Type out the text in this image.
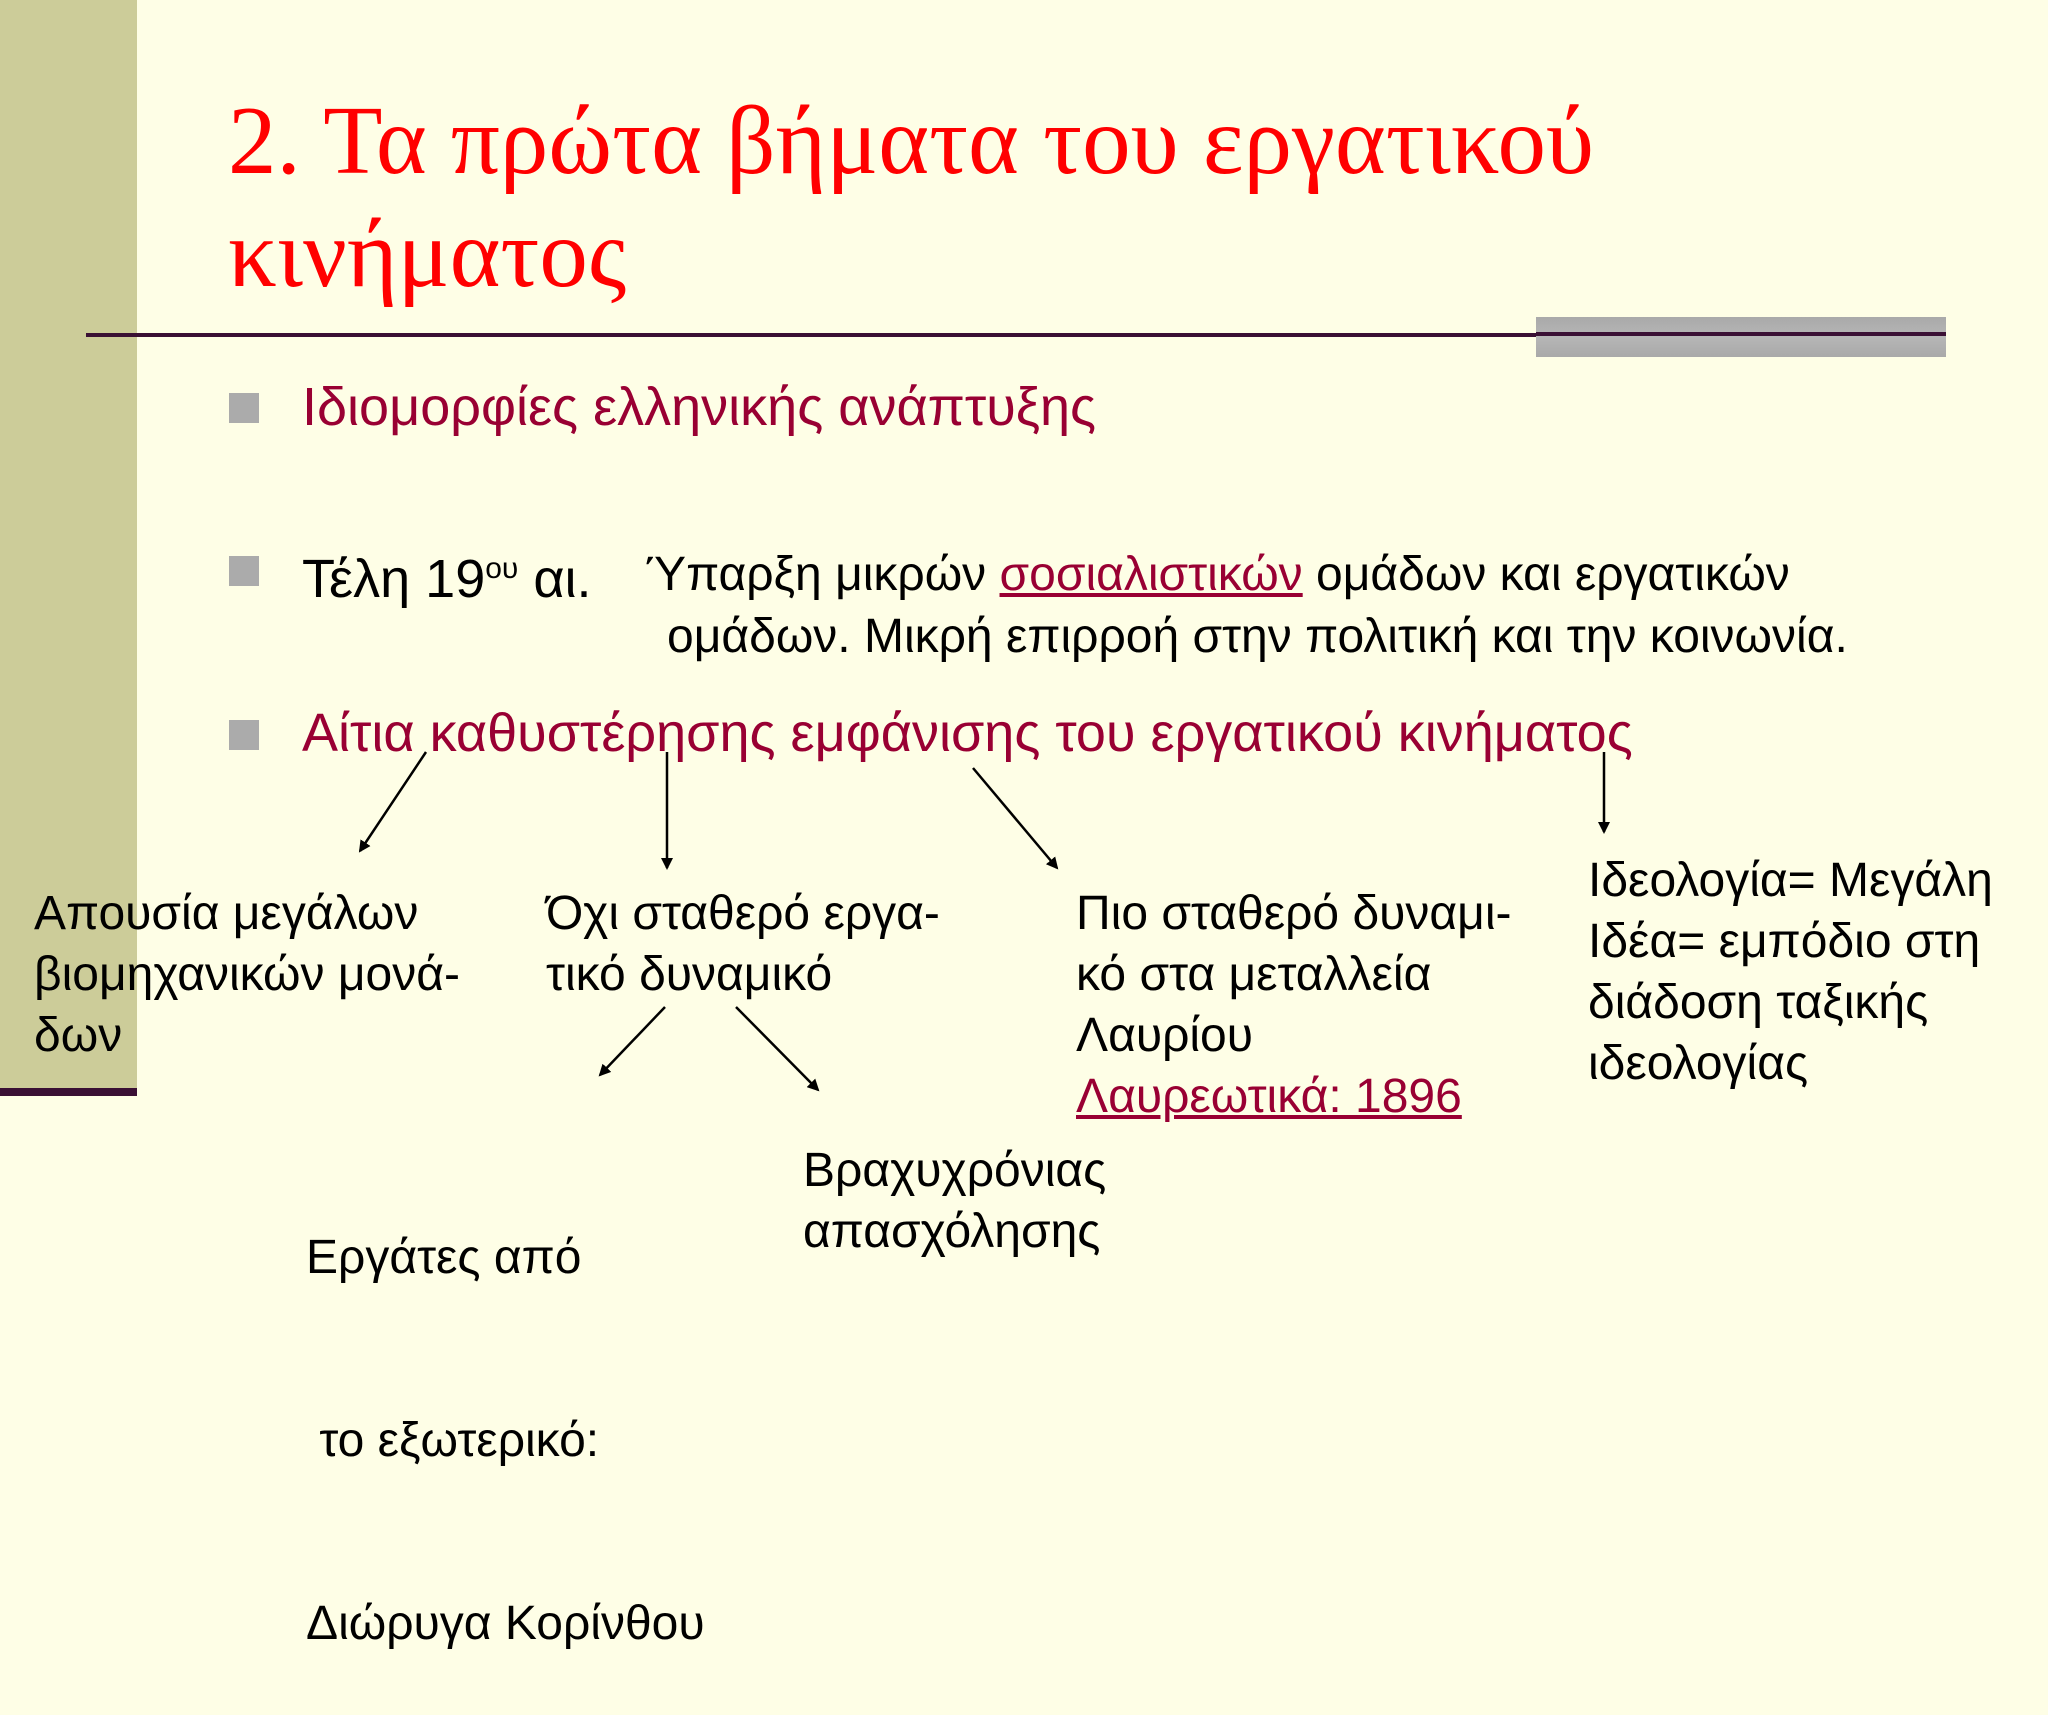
2. Τα πρώτα βήματα του εργατικού
κινήματος
Ιδιομορφίες ελληνικής ανάπτυξης
Τέλη $19^{o\upsilon}$ αι. Ύπαρξη μικρών σοσιαλιστικών ομάδων και εργατικών
ομάδων. Μικρή επιρροή στην πολιτική και την κοινωνία.
Αίτια καθυστέρησης εμφάνισης του εργατικού κινήματος
Απουσία μεγάλων
βιομηχανικών μονά-
δων
Όχι σταθερό εργα-
τικό δυναμικό
Πιο σταθερό δυναμι-
κό στα μεταλλεία
Λαυρίου
Λαυρεωτικά: 1896
Ιδεολογία= Μεγάλη
Ιδέα= εμπόδιο στη
διάδοση ταξικής
ιδεολογίας

Εργάτες από

το εξωτερικό:

Διώρυγα Κορίνθου

Βραχυχρόνιας
απασχόλησης
